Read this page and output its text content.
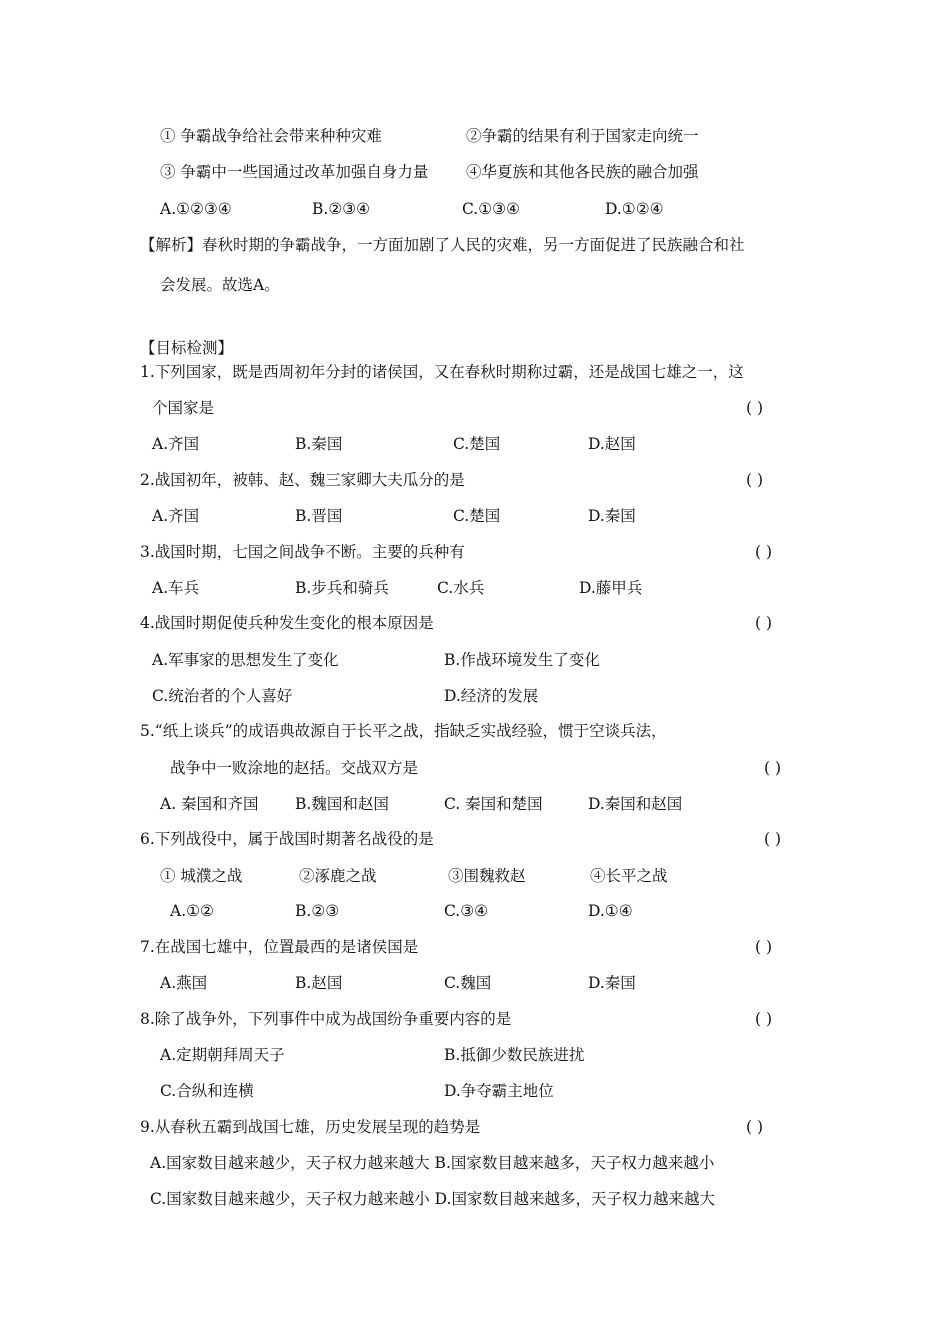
① 争霸战争给社会带来种种灾难	②争霸的结果有利于国家走向统一
③ 争霸中一些国通过改革加强自身力量 ④华夏族和其他各民族的融合加强
A.①②③④	B.②③④	C.①③④	D.①②④
【解析】春秋时期的争霸战争，一方面加剧了人民的灾难，另一方面促进了民族融合和社
会发展。故选A。
【目标检测】
1.下列国家，既是西周初年分封的诸侯国，又在春秋时期称过霸，还是战国七雄之一，这
个国家是	( )
A.齐国	B.秦国	C.楚国	D.赵国
2.战国初年，被韩、赵、魏三家卿大夫瓜分的是	( )
A.齐国	B.晋国	C.楚国	D.秦国
3.战国时期，七国之间战争不断。主要的兵种有	( )
A.车兵	B.步兵和骑兵	C.水兵	D.藤甲兵
4.战国时期促使兵种发生变化的根本原因是	( )
A.军事家的思想发生了变化	B.作战环境发生了变化
C.统治者的个人喜好	D.经济的发展
5.“纸上谈兵”的成语典故源自于长平之战，指缺乏实战经验，惯于空谈兵法，
战争中一败涂地的赵括。交战双方是	( )
A. 秦国和齐国 B.魏国和赵国	C. 秦国和楚国	D.秦国和赵国
6.下列战役中，属于战国时期著名战役的是	( )
① 城濮之战	②涿鹿之战	③围魏救赵	④长平之战
A.①②	B.②③	C.③④	D.①④
7.在战国七雄中，位置最西的是诸侯国是	( )
A.燕国	B.赵国	C.魏国	D.秦国
8.除了战争外，下列事件中成为战国纷争重要内容的是	( )
A.定期朝拜周天子	B.抵御少数民族进扰
C.合纵和连横	D.争夺霸主地位
9.从春秋五霸到战国七雄，历史发展呈现的趋势是	( )
A.国家数目越来越少，天子权力越来越大 B.国家数目越来越多，天子权力越来越小
C.国家数目越来越少，天子权力越来越小 D.国家数目越来越多，天子权力越来越大
